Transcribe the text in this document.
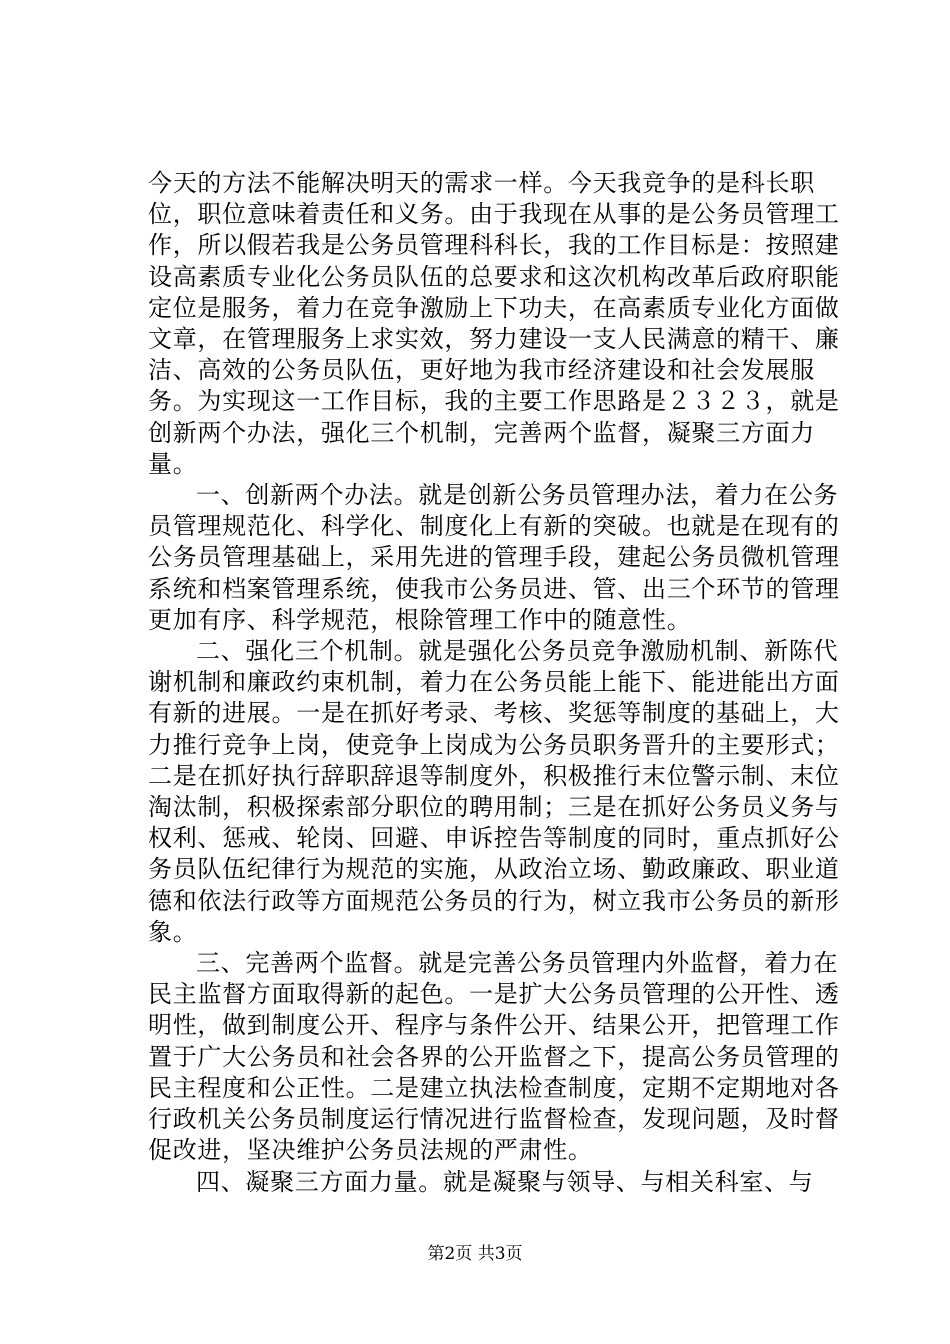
今天的方法不能解决明天的需求一样。今天我竞争的是科长职位，职位意味着责任和义务。由于我现在从事的是公务员管理工作，所以假若我是公务员管理科科长，我的工作目标是：按照建设高素质专业化公务员队伍的总要求和这次机构改革后政府职能定位是服务，着力在竞争激励上下功夫，在高素质专业化方面做文章，在管理服务上求实效，努力建设一支人民满意的精干、廉洁、高效的公务员队伍，更好地为我市经济建设和社会发展服务。为实现这一工作目标，我的主要工作思路是２３２３，就是创新两个办法，强化三个机制，完善两个监督，凝聚三方面力量。

一、创新两个办法。就是创新公务员管理办法，着力在公务员管理规范化、科学化、制度化上有新的突破。也就是在现有的公务员管理基础上，采用先进的管理手段，建起公务员微机管理系统和档案管理系统，使我市公务员进、管、出三个环节的管理更加有序、科学规范，根除管理工作中的随意性。

二、强化三个机制。就是强化公务员竞争激励机制、新陈代谢机制和廉政约束机制，着力在公务员能上能下、能进能出方面有新的进展。一是在抓好考录、考核、奖惩等制度的基础上，大力推行竞争上岗，使竞争上岗成为公务员职务晋升的主要形式；二是在抓好执行辞职辞退等制度外，积极推行末位警示制、末位淘汰制，积极探索部分职位的聘用制；三是在抓好公务员义务与权利、惩戒、轮岗、回避、申诉控告等制度的同时，重点抓好公务员队伍纪律行为规范的实施，从政治立场、勤政廉政、职业道德和依法行政等方面规范公务员的行为，树立我市公务员的新形象。

三、完善两个监督。就是完善公务员管理内外监督，着力在民主监督方面取得新的起色。一是扩大公务员管理的公开性、透明性，做到制度公开、程序与条件公开、结果公开，把管理工作置于广大公务员和社会各界的公开监督之下，提高公务员管理的民主程度和公正性。二是建立执法检查制度，定期不定期地对各行政机关公务员制度运行情况进行监督检查，发现问题，及时督促改进，坚决维护公务员法规的严肃性。

四、凝聚三方面力量。就是凝聚与领导、与相关科室、与

第2页 共3页
